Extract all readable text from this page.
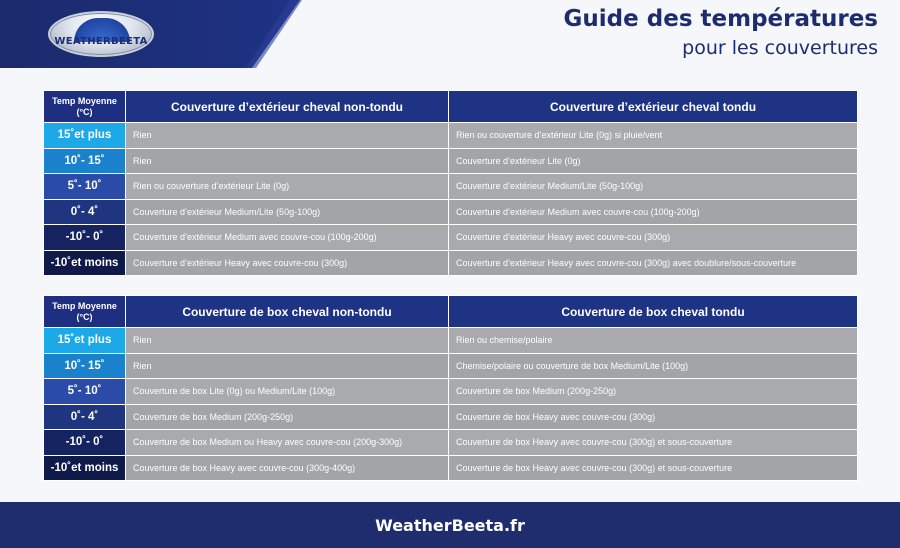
WEATHERBEETA
Guide des températures
pour les couvertures
Temp Moyenne (°C)	Couverture d’extérieur cheval non-tondu	Couverture d’extérieur cheval tondu
15˚et plus	Rien	Rien ou couverture d’extérieur Lite (0g) si pluie/vent
10˚- 15˚	Rien	Couverture d’extérieur Lite (0g)
5˚- 10˚	Rien ou couverture d’extérieur Lite (0g)	Couverture d’extérieur Medium/Lite (50g-100g)
0˚- 4˚	Couverture d’extérieur Medium/Lite (50g-100g)	Couverture d’extérieur Medium avec couvre-cou (100g-200g)
-10˚- 0˚	Couverture d’extérieur Medium avec couvre-cou (100g-200g)	Couverture d’extérieur Heavy avec couvre-cou (300g)
-10˚et moins	Couverture d’extérieur Heavy avec couvre-cou (300g)	Couverture d’extérieur Heavy avec couvre-cou (300g) avec doublure/sous-couverture
Temp Moyenne (°C)	Couverture de box cheval non-tondu	Couverture de box cheval tondu
15˚et plus	Rien	Rien ou chemise/polaire
10˚- 15˚	Rien	Chemise/polaire ou couverture de box Medium/Lite (100g)
5˚- 10˚	Couverture de box Lite (0g) ou Medium/Lite (100g)	Couverture de box Medium (200g-250g)
0˚- 4˚	Couverture de box Medium (200g-250g)	Couverture de box Heavy avec couvre-cou (300g)
-10˚- 0˚	Couverture de box Medium ou Heavy avec couvre-cou (200g-300g)	Couverture de box Heavy avec couvre-cou (300g) et sous-couverture
-10˚et moins	Couverture de box Heavy avec couvre-cou (300g-400g)	Couverture de box Heavy avec couvre-cou (300g) et sous-couverture
WeatherBeeta.fr
